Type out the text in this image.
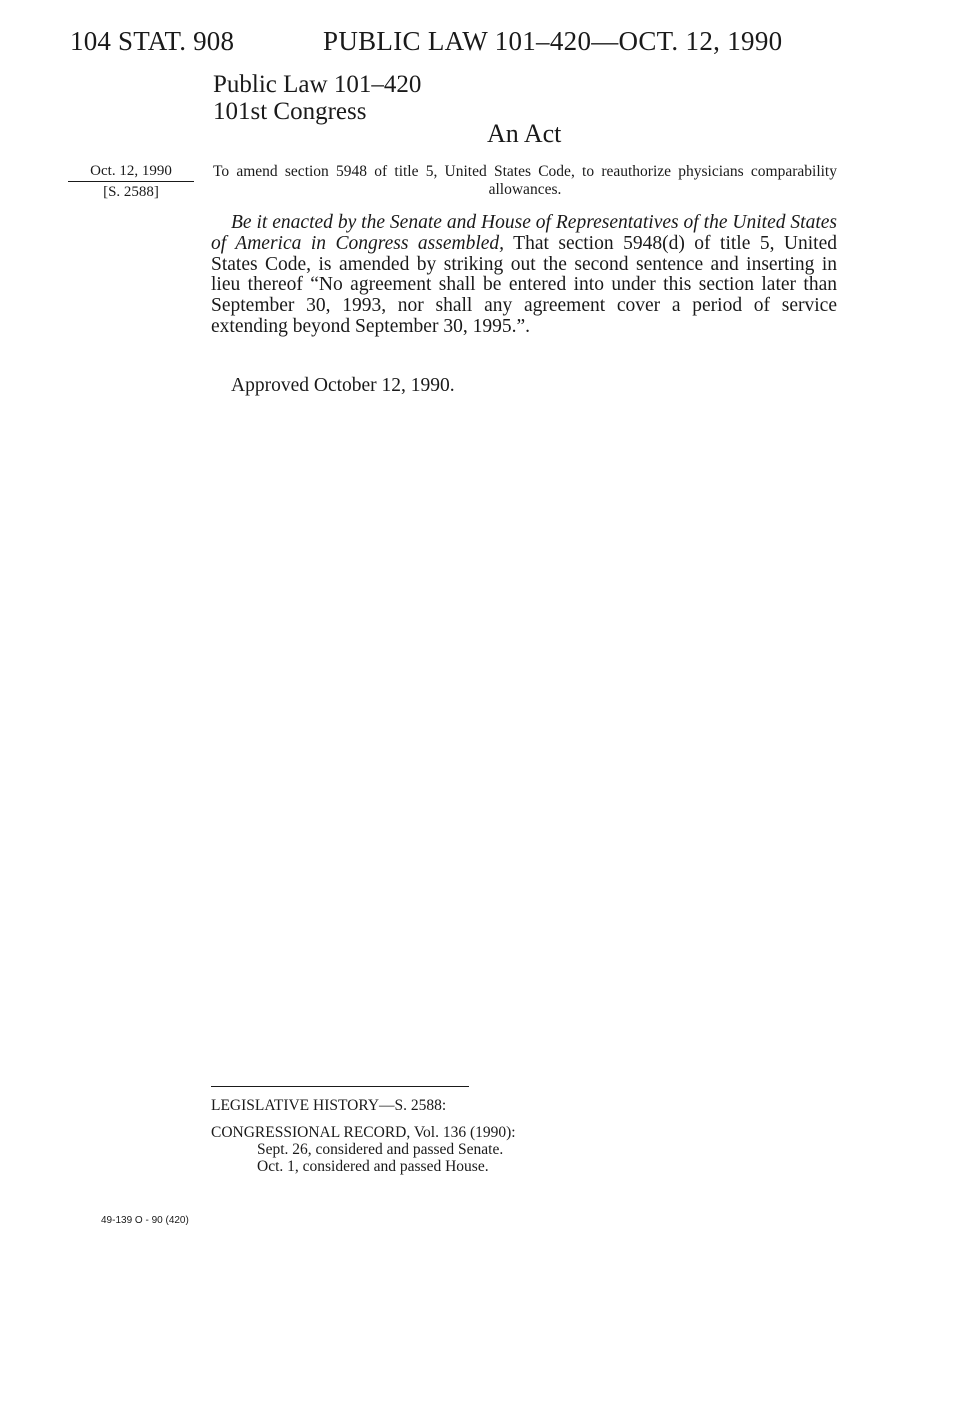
104 STAT. 908	PUBLIC LAW 101–420—OCT. 12, 1990
Public Law 101–420
101st Congress
An Act
Oct. 12, 1990
[S. 2588]
To amend section 5948 of title 5, United States Code, to reauthorize physicians comparability allowances.
Be it enacted by the Senate and House of Representatives of the United States of America in Congress assembled, That section 5948(d) of title 5, United States Code, is amended by striking out the second sentence and inserting in lieu thereof “No agreement shall be entered into under this section later than September 30, 1993, nor shall any agreement cover a period of service extending beyond September 30, 1995.”.
Approved October 12, 1990.
LEGISLATIVE HISTORY—S. 2588:
CONGRESSIONAL RECORD, Vol. 136 (1990):
Sept. 26, considered and passed Senate.
Oct. 1, considered and passed House.
49-139 O - 90 (420)
